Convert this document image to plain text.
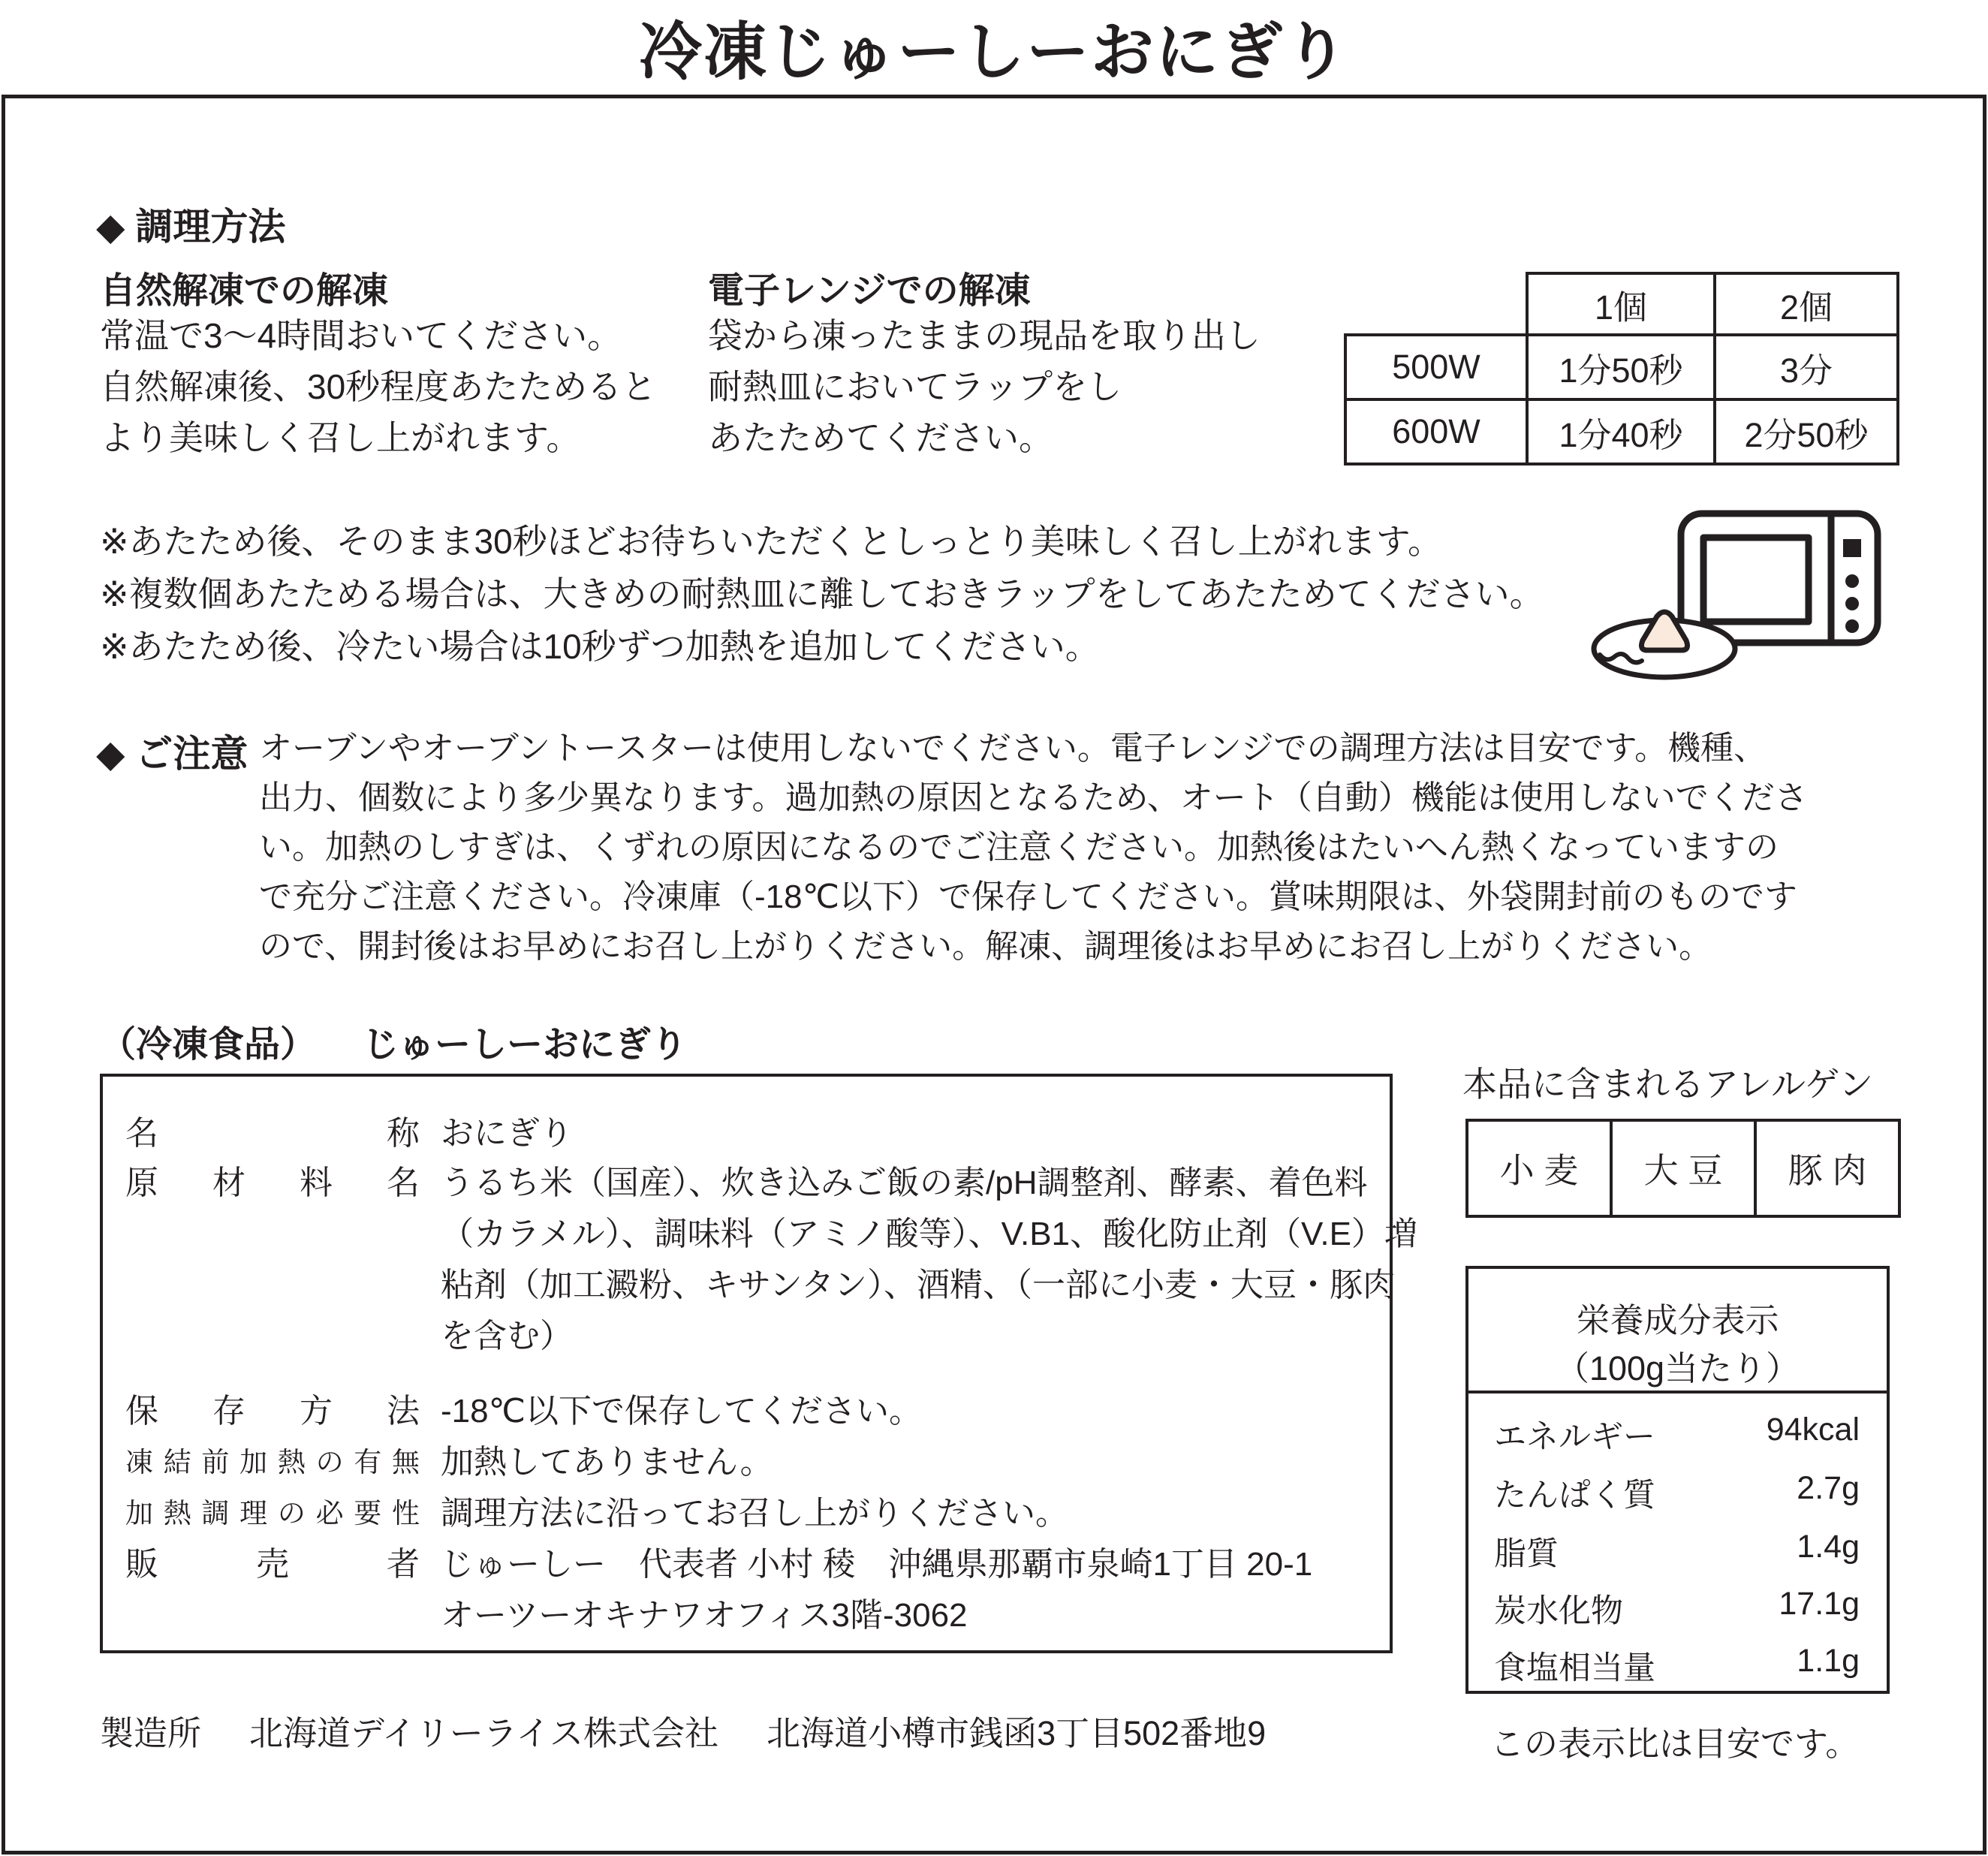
冷凍じゅーしーおにぎり
◆ 調理方法
自然解凍での解凍
常温で3〜4時間おいてください。
自然解凍後、30秒程度あたためると
より美味しく召し上がれます。
電子レンジでの解凍
袋から凍ったままの現品を取り出し
耐熱皿においてラップをし
あたためてください。
	1個	2個
500W	1分50秒	3分
600W	1分40秒	2分50秒
※あたため後、そのまま30秒ほどお待ちいただくとしっとり美味しく召し上がれます。
※複数個あたためる場合は、大きめの耐熱皿に離しておきラップをしてあたためてください。
※あたため後、冷たい場合は10秒ずつ加熱を追加してください。
◆ ご注意 オーブンやオーブントースターは使用しないでください。電子レンジでの調理方法は目安です。機種、
出力、個数により多少異なります。過加熱の原因となるため、オート（自動）機能は使用しないでくださ
い。加熱のしすぎは、くずれの原因になるのでご注意ください。加熱後はたいへん熱くなっていますの
で充分ご注意ください。冷凍庫（-18℃以下）で保存してください。賞味期限は、外袋開封前のものです
ので、開封後はお早めにお召し上がりください。解凍、調理後はお早めにお召し上がりください。
（冷凍食品） じゅーしーおにぎり
名称 おにぎり
原材料名 うるち米（国産）、炊き込みご飯の素/pH調整剤、酵素、着色料
（カラメル）、調味料（アミノ酸等）、V.B1、酸化防止剤（V.E）増
粘剤（加工澱粉、キサンタン）、酒精、（一部に小麦・大豆・豚肉
を含む）
保存方法 -18℃以下で保存してください。
凍結前加熱の有無 加熱してありません。
加熱調理の必要性 調理方法に沿ってお召し上がりください。
販売者 じゅーしー　代表者 小村 稜　沖縄県那覇市泉崎1丁目 20-1
オーツーオキナワオフィス3階-3062
本品に含まれるアレルゲン
小 麦	大 豆	豚 肉
栄養成分表示
（100g当たり）
エネルギー	94kcal
たんぱく質	2.7g
脂質	1.4g
炭水化物	17.1g
食塩相当量	1.1g
この表示比は目安です。
製造所 北海道デイリーライス株式会社 北海道小樽市銭函3丁目502番地9
